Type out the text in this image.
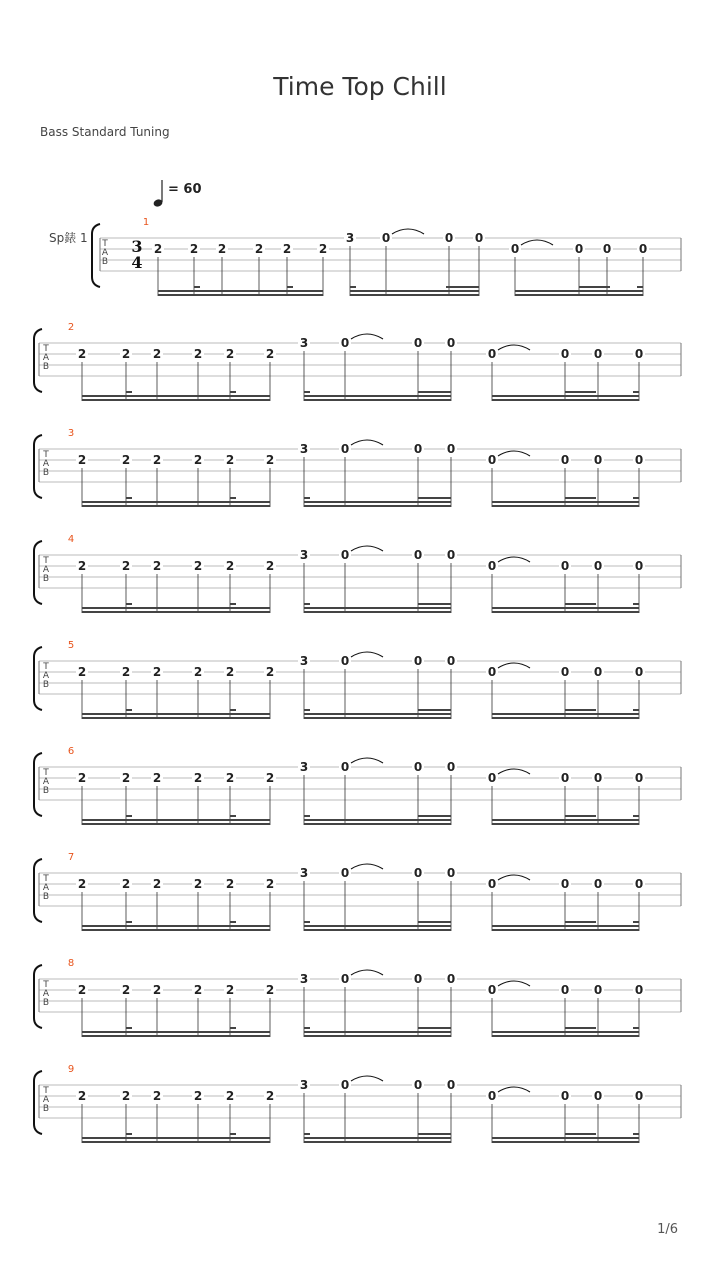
Time Top Chill
Bass Standard Tuning
T
A
B
1
Sp錶 1	3
4
= 60
2 2 2 2 2 2
3 0	0 0
0	0 0 0
T
A
B
2
2	2 2	2 2	2
3	0	0 0
0	0 0	0
T
A
B
3
2	2 2	2 2	2
3	0	0 0
0	0 0	0
T
A
B
4
2	2 2	2 2	2
3	0	0 0
0	0 0	0
T
A
B
5
2	2 2	2 2	2
3	0	0 0
0	0 0	0
T
A
B
6
2	2 2	2 2	2
3	0	0 0
0	0 0	0
T
A
B
7
2	2 2	2 2	2
3	0	0 0
0	0 0	0
T
A
B
8
2	2 2	2 2	2
3	0	0 0
0	0 0	0
T
A
B
9
2	2 2	2 2	2
3	0	0 0
0	0 0	0
1/6
